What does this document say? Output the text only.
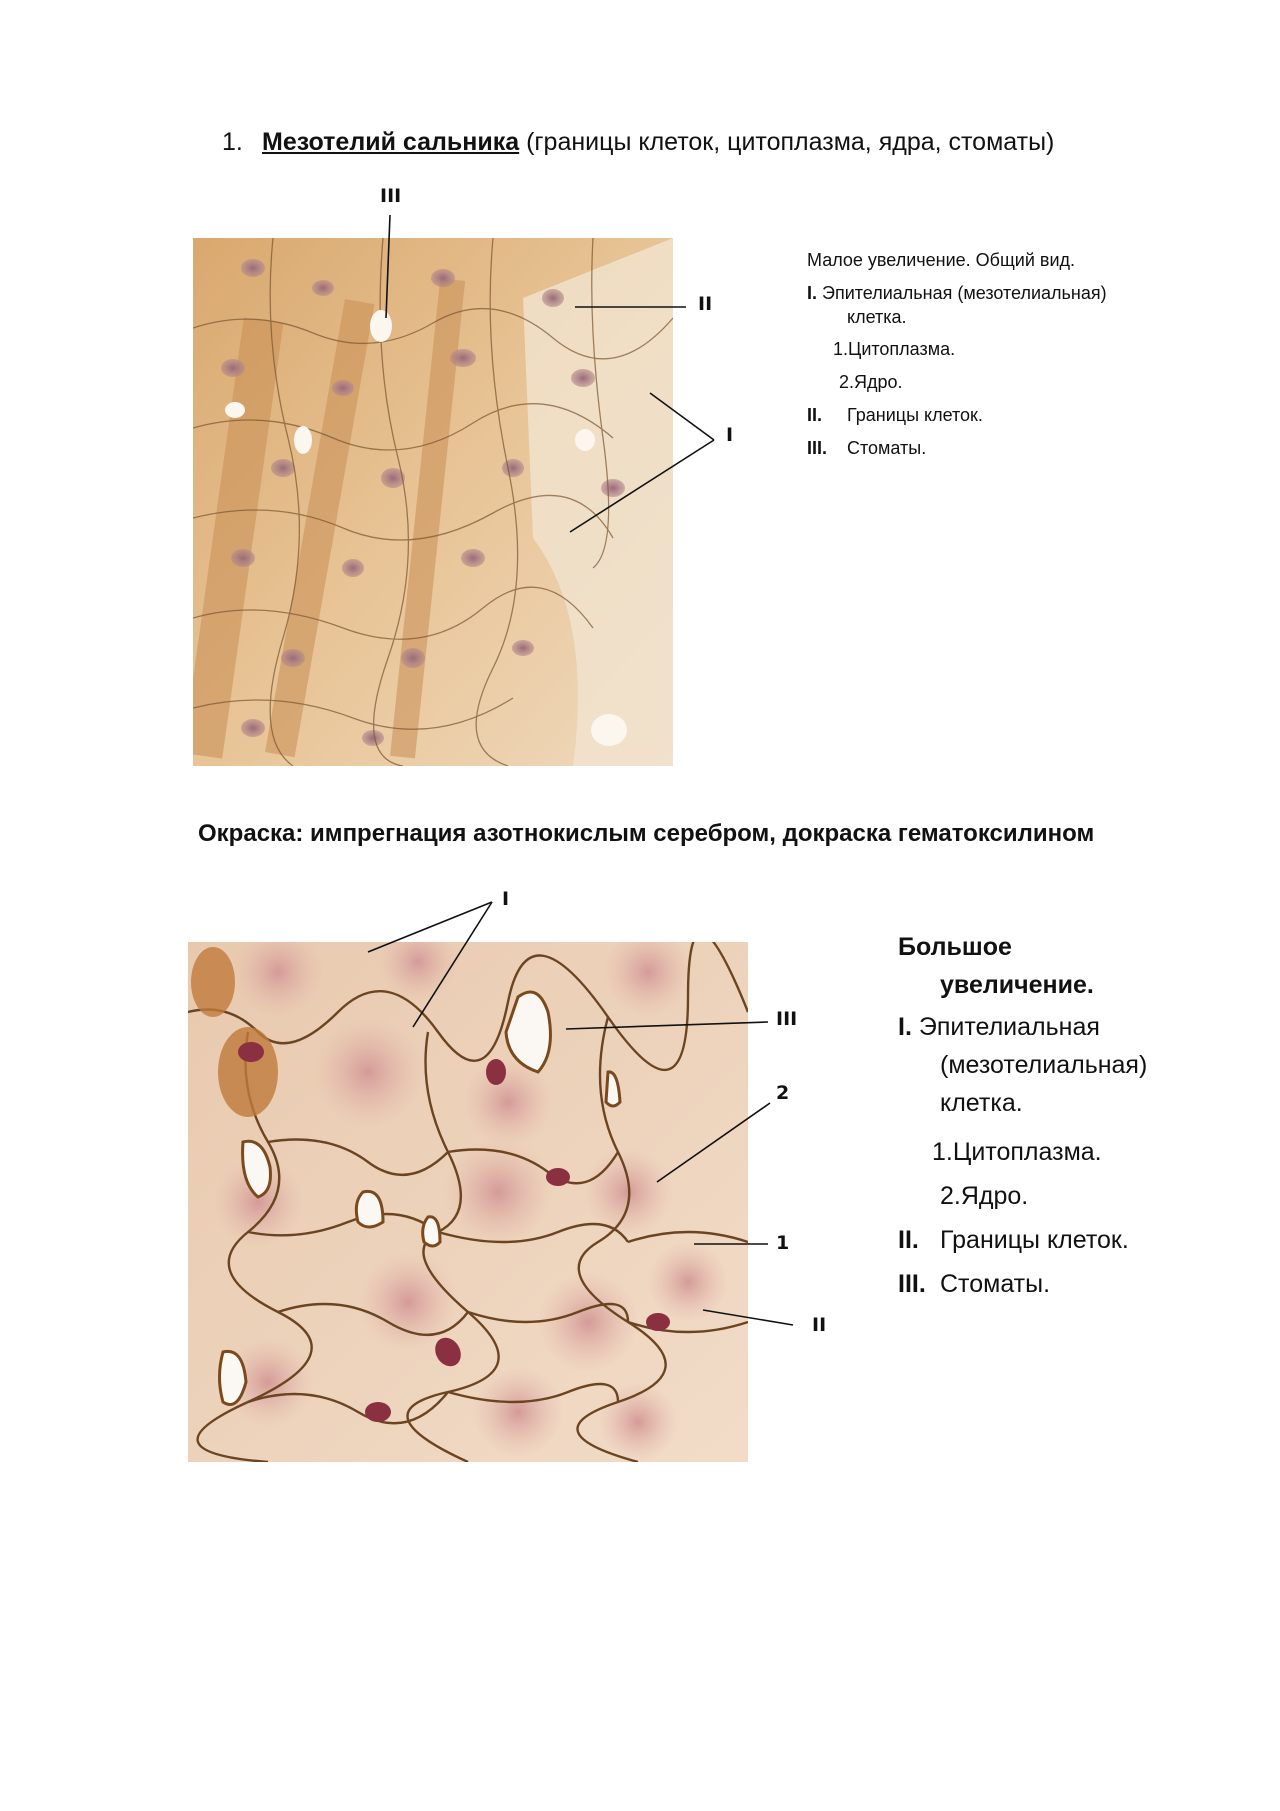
1. Мезотелий сальника (границы клеток, цитоплазма, ядра, стоматы)
III
II
I
Малое увеличение. Общий вид.
I. Эпителиальная (мезотелиальная)
клетка.
1.Цитоплазма.
2.Ядро.
II. Границы клеток.
III. Стоматы.
Окраска: импрегнация азотнокислым серебром, докраска гематоксилином
I
III
2
1
II
Большое
увеличение.
I. Эпителиальная
(мезотелиальная)
клетка.
1.Цитоплазма.
2.Ядро.
II. Границы клеток.
III. Стоматы.
